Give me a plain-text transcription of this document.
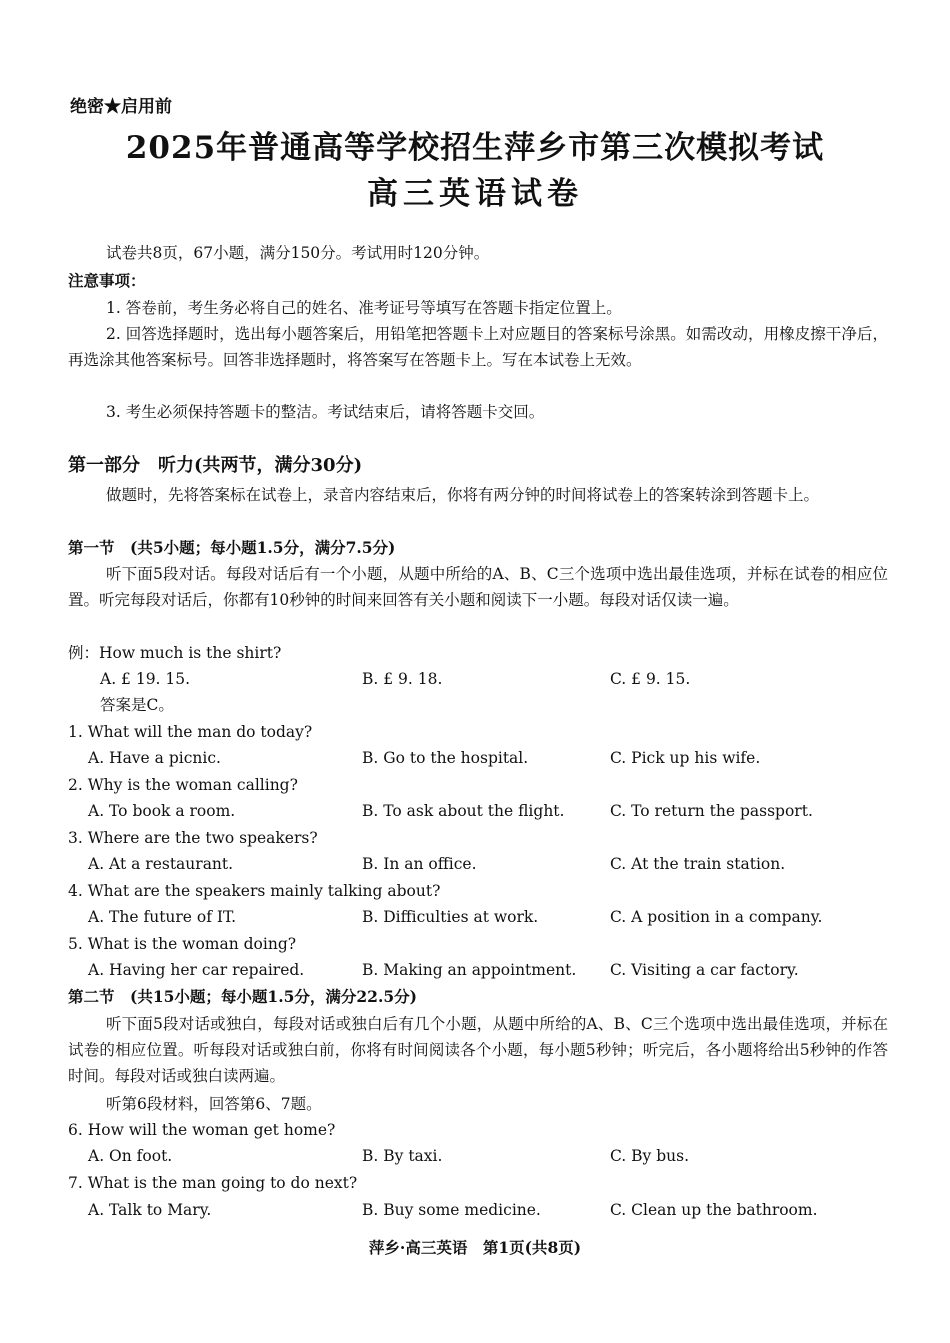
绝密★启用前
2025年普通高等学校招生萍乡市第三次模拟考试
高三英语试卷
试卷共8页，67小题，满分150分。考试用时120分钟。
注意事项：
1. 答卷前，考生务必将自己的姓名、准考证号等填写在答题卡指定位置上。
2. 回答选择题时，选出每小题答案后，用铅笔把答题卡上对应题目的答案标号涂黑。如需改动，用橡皮擦干净后，再选涂其他答案标号。回答非选择题时，将答案写在答题卡上。写在本试卷上无效。
3. 考生必须保持答题卡的整洁。考试结束后，请将答题卡交回。
第一部分　听力(共两节，满分30分)
做题时，先将答案标在试卷上，录音内容结束后，你将有两分钟的时间将试卷上的答案转涂到答题卡上。
第一节　(共5小题；每小题1.5分，满分7.5分)
听下面5段对话。每段对话后有一个小题，从题中所给的A、B、C三个选项中选出最佳选项，并标在试卷的相应位置。听完每段对话后，你都有10秒钟的时间来回答有关小题和阅读下一小题。每段对话仅读一遍。
例：How much is the shirt?
A. £ 19. 15.	B. £ 9. 18.	C. £ 9. 15.
答案是C。
1. What will the man do today?
A. Have a picnic.	B. Go to the hospital.	C. Pick up his wife.
2. Why is the woman calling?
A. To book a room.	B. To ask about the flight.	C. To return the passport.
3. Where are the two speakers?
A. At a restaurant.	B. In an office.	C. At the train station.
4. What are the speakers mainly talking about?
A. The future of IT.	B. Difficulties at work.	C. A position in a company.
5. What is the woman doing?
A. Having her car repaired.	B. Making an appointment. C. Visiting a car factory.
第二节　(共15小题；每小题1.5分，满分22.5分)
听下面5段对话或独白，每段对话或独白后有几个小题，从题中所给的A、B、C三个选项中选出最佳选项，并标在试卷的相应位置。听每段对话或独白前，你将有时间阅读各个小题，每小题5秒钟；听完后，各小题将给出5秒钟的作答时间。每段对话或独白读两遍。
听第6段材料，回答第6、7题。
6. How will the woman get home?
A. On foot.	B. By taxi.	C. By bus.
7. What is the man going to do next?
A. Talk to Mary.	B. Buy some medicine.	C. Clean up the bathroom.
萍乡·高三英语　第1页(共8页)
